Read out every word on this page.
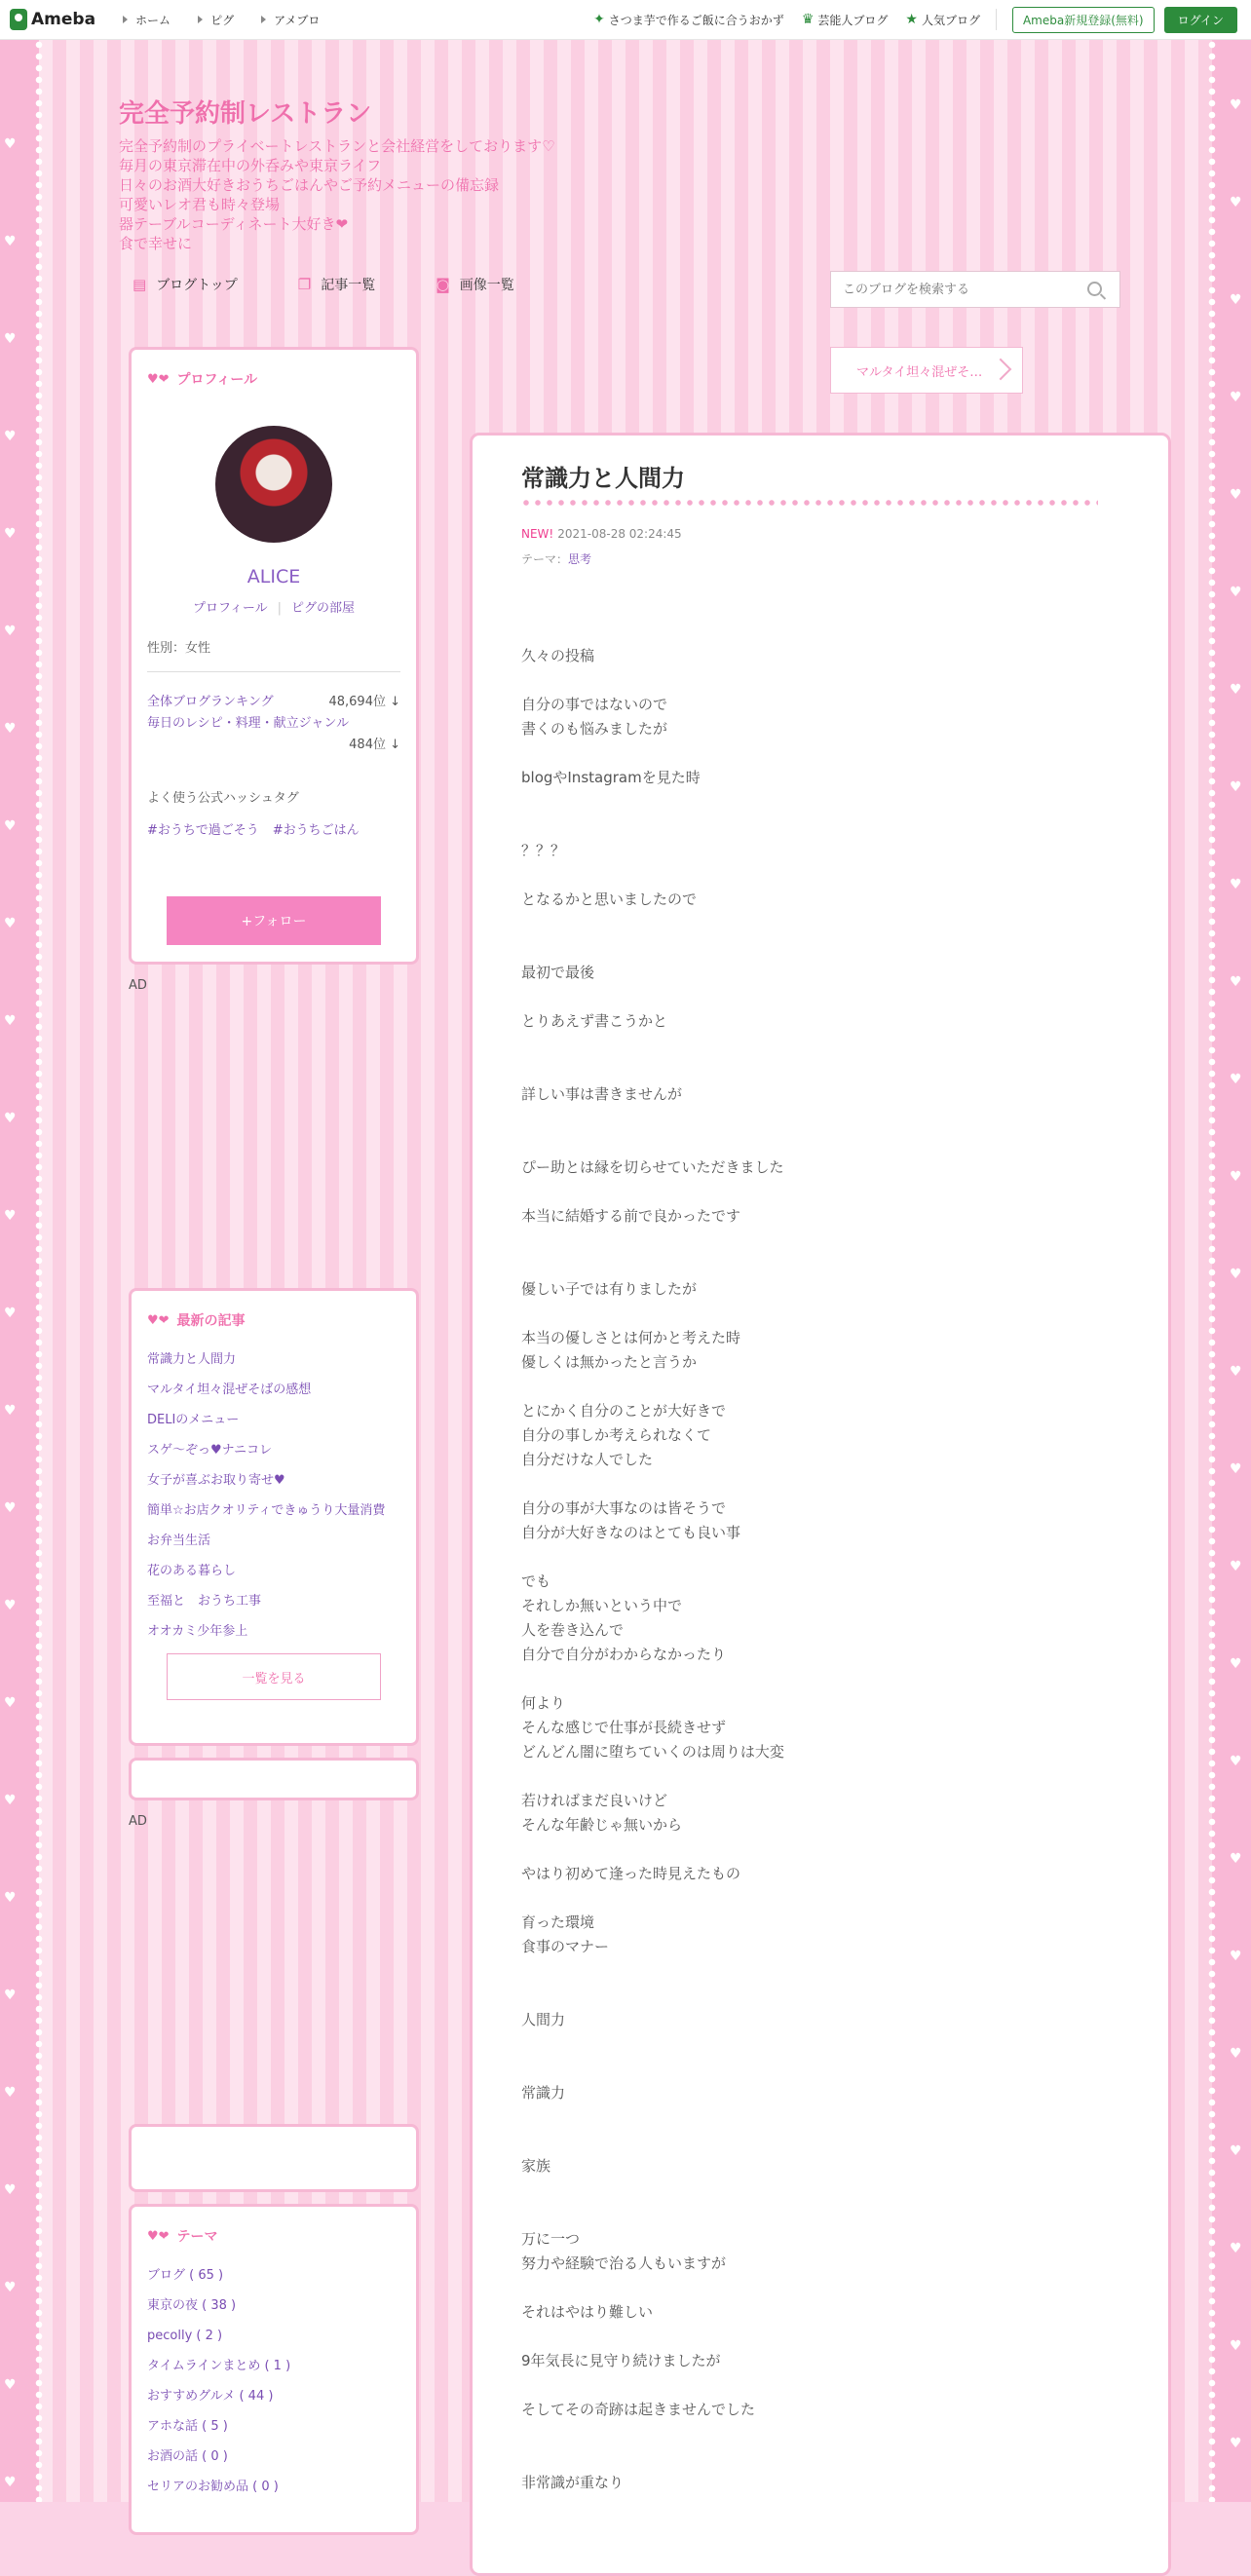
Ameba	ホーム	ピグ	アメブロ	✦ さつま芋で作るご飯に合うおかず ♛ 芸能人ブログ ★ 人気ブログ	Ameba新規登録(無料)	ログイン
♥
♥
♥
♥
♥
♥
♥
♥
♥
♥
♥
♥
♥
♥
♥
♥
♥
♥
♥
♥
♥
♥
♥
♥
♥
♥
♥
♥
♥
♥
♥
♥
♥
♥
♥
♥
♥
♥
♥
♥
♥
♥
♥
♥
♥
♥
♥
♥
♥
♥
完全予約制レストラン
完全予約制のプライベートレストランと会社経営をしております♡
毎月の東京滞在中の外呑みや東京ライフ
日々のお酒大好きおうちごはんやご予約メニューの備忘録
可愛いレオ君も時々登場
器テーブルコーディネート大好き❤
食で幸せに
▤ ブログトップ	❐ 記事一覧	◙ 画像一覧
このブログを検索する
マルタイ坦々混ぜそ…
♥❤ プロフィール
ALICE
プロフィール | ピグの部屋
性別：女性
全体ブログランキング	48,694位 ↓
毎日のレシピ・料理・献立ジャンル
484位 ↓
よく使う公式ハッシュタグ
#おうちで過ごそう #おうちごはん
+フォロー
AD
♥❤ 最新の記事
常識力と人間力
マルタイ坦々混ぜそばの感想
DELIのメニュー
スゲ〜ぞっ♥ナニコレ
女子が喜ぶお取り寄せ♥
簡単☆お店クオリティできゅうり大量消費
お弁当生活
花のある暮らし
至福と　おうち工事
オオカミ少年参上
一覧を見る
AD
♥❤ テーマ
ブログ ( 65 )
東京の夜 ( 38 )
pecolly ( 2 )
タイムラインまとめ ( 1 )
おすすめグルメ ( 44 )
アホな話 ( 5 )
お酒の話 ( 0 )
セリアのお勧め品 ( 0 )
常識力と人間力
NEW! 2021-08-28 02:24:45
テーマ：思考
久々の投稿
自分の事ではないので
書くのも悩みましたが
blogやInstagramを見た時
？？？
となるかと思いましたので
最初で最後
とりあえず書こうかと
詳しい事は書きませんが
ぴー助とは縁を切らせていただきました
本当に結婚する前で良かったです
優しい子では有りましたが
本当の優しさとは何かと考えた時
優しくは無かったと言うか
とにかく自分のことが大好きで
自分の事しか考えられなくて
自分だけな人でした
自分の事が大事なのは皆そうで
自分が大好きなのはとても良い事
でも
それしか無いという中で
人を巻き込んで
自分で自分がわからなかったり
何より
そんな感じで仕事が長続きせず
どんどん闇に堕ちていくのは周りは大変
若ければまだ良いけど
そんな年齢じゃ無いから
やはり初めて逢った時見えたもの
育った環境
食事のマナー
人間力
常識力
家族
万に一つ
努力や経験で治る人もいますが
それはやはり難しい
9年気長に見守り続けましたが
そしてその奇跡は起きませんでした
非常識が重なり
